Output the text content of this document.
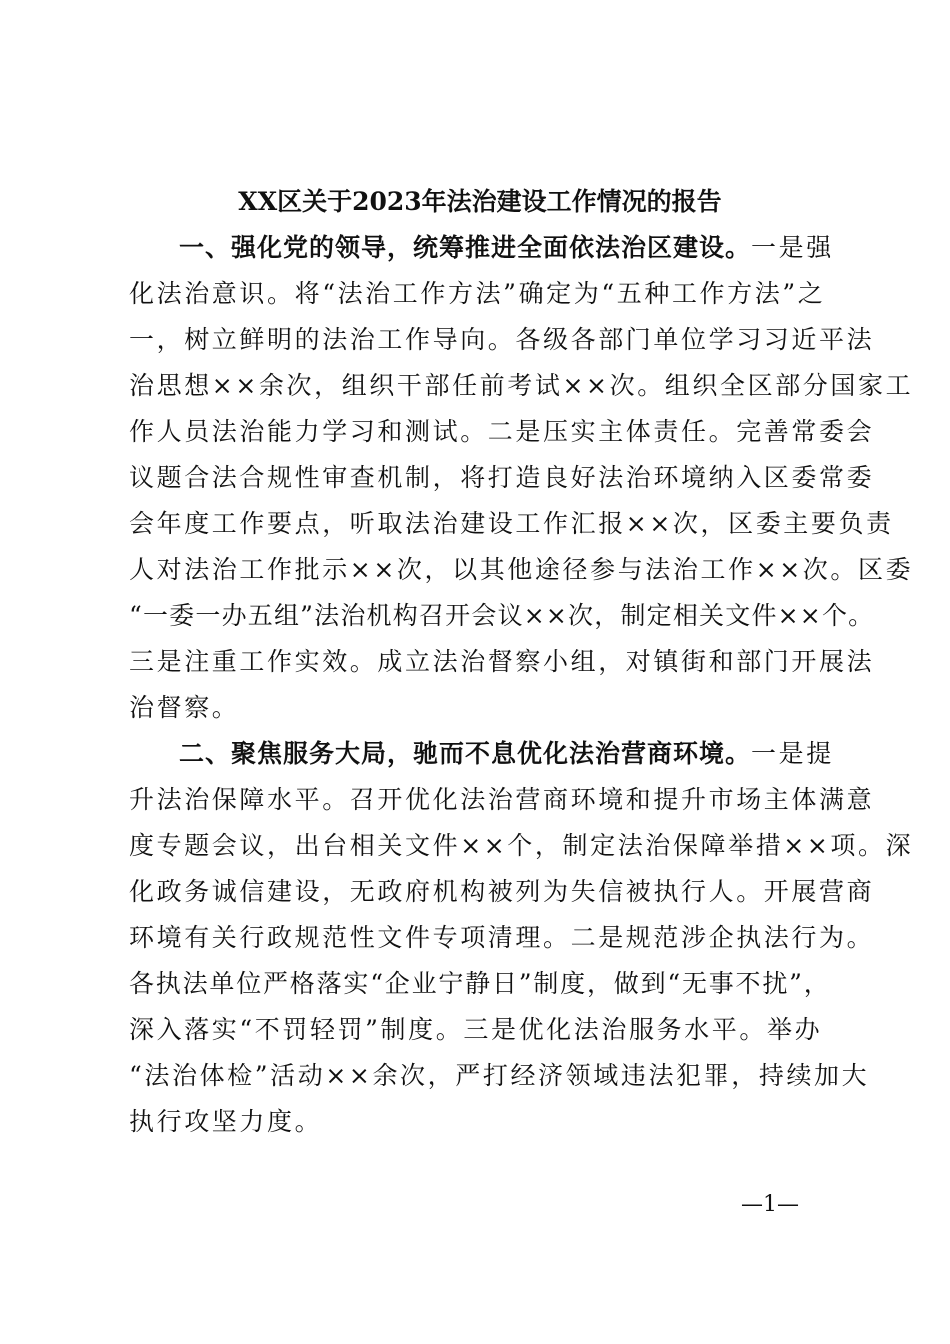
XX区关于2023年法治建设工作情况的报告
一、强化党的领导，统筹推进全面依法治区建设。一是强
化法治意识。将“法治工作方法”确定为“五种工作方法”之
一，树立鲜明的法治工作导向。各级各部门单位学习习近平法
治思想××余次，组织干部任前考试××次。组织全区部分国家工
作人员法治能力学习和测试。二是压实主体责任。完善常委会
议题合法合规性审查机制，将打造良好法治环境纳入区委常委
会年度工作要点，听取法治建设工作汇报××次，区委主要负责
人对法治工作批示××次，以其他途径参与法治工作××次。区委
“一委一办五组”法治机构召开会议××次，制定相关文件××个。
三是注重工作实效。成立法治督察小组，对镇街和部门开展法
治督察。
二、聚焦服务大局，驰而不息优化法治营商环境。一是提
升法治保障水平。召开优化法治营商环境和提升市场主体满意
度专题会议，出台相关文件××个，制定法治保障举措××项。深
化政务诚信建设，无政府机构被列为失信被执行人。开展营商
环境有关行政规范性文件专项清理。二是规范涉企执法行为。
各执法单位严格落实“企业宁静日”制度，做到“无事不扰”，
深入落实“不罚轻罚”制度。三是优化法治服务水平。举办
“法治体检”活动××余次，严打经济领域违法犯罪，持续加大
执行攻坚力度。
—1—
